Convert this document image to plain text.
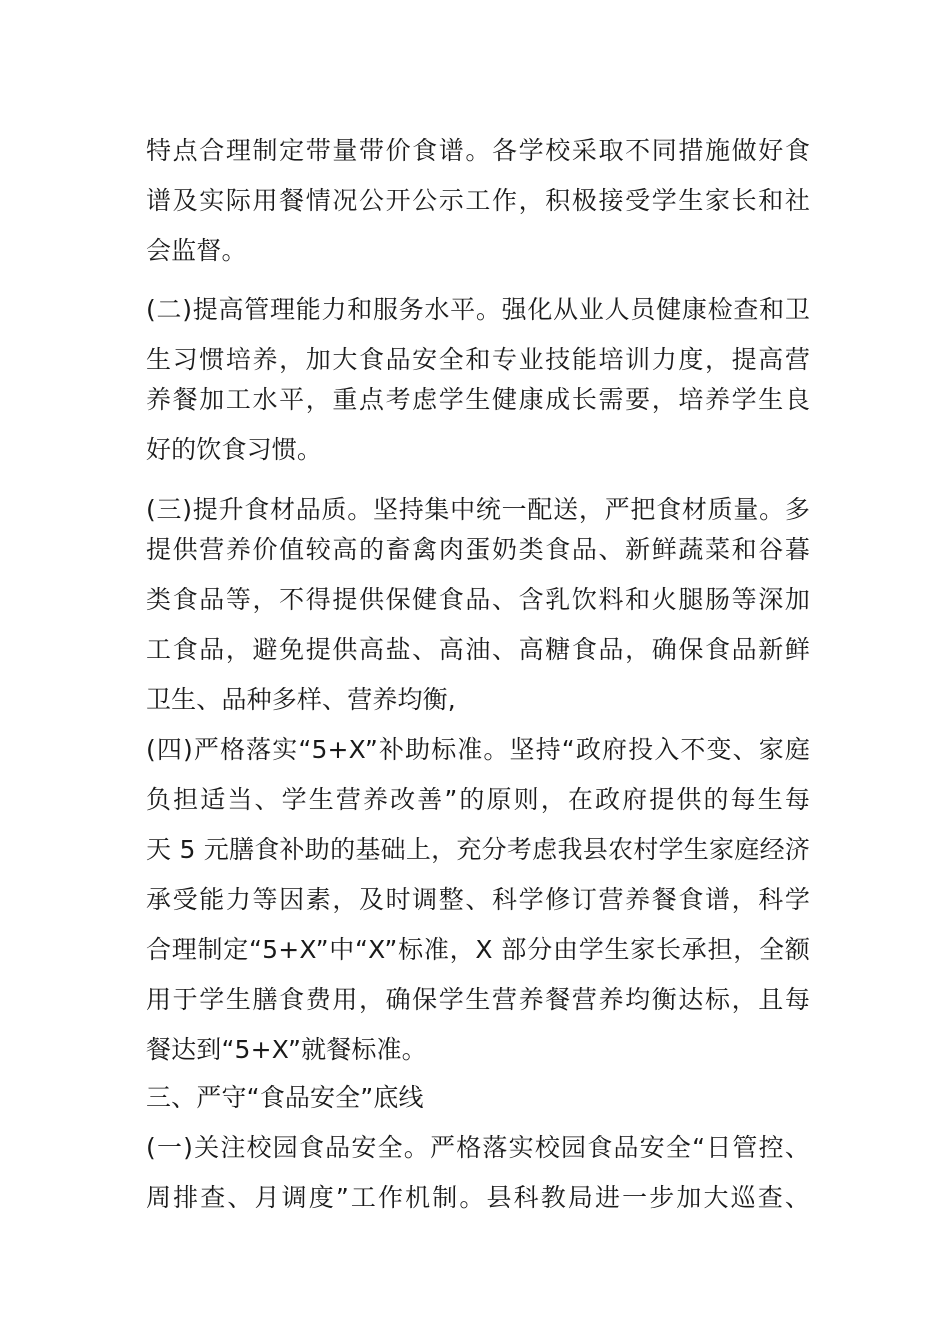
特点合理制定带量带价食谱。各学校采取不同措施做好食
谱及实际用餐情况公开公示工作，积极接受学生家长和社
会监督。
(二)提高管理能力和服务水平。强化从业人员健康检查和卫
生习惯培养，加大食品安全和专业技能培训力度，提高营
养餐加工水平，重点考虑学生健康成长需要，培养学生良
好的饮食习惯。
(三)提升食材品质。坚持集中统一配送，严把食材质量。多
提供营养价值较高的畜禽肉蛋奶类食品、新鲜蔬菜和谷暮
类食品等，不得提供保健食品、含乳饮料和火腿肠等深加
工食品，避免提供高盐、高油、高糖食品，确保食品新鲜
卫生、品种多样、营养均衡,
(四)严格落实“5+X”补助标准。坚持“政府投入不变、家庭
负担适当、学生营养改善”的原则，在政府提供的每生每
天 5 元膳食补助的基础上，充分考虑我县农村学生家庭经济
承受能力等因素，及时调整、科学修订营养餐食谱，科学
合理制定“5+X”中“X”标准，X 部分由学生家长承担，全额
用于学生膳食费用，确保学生营养餐营养均衡达标，且每
餐达到“5+X”就餐标准。
三、严守“食品安全”底线
(一)关注校园食品安全。严格落实校园食品安全“日管控、
周排查、月调度”工作机制。县科教局进一步加大巡查、
